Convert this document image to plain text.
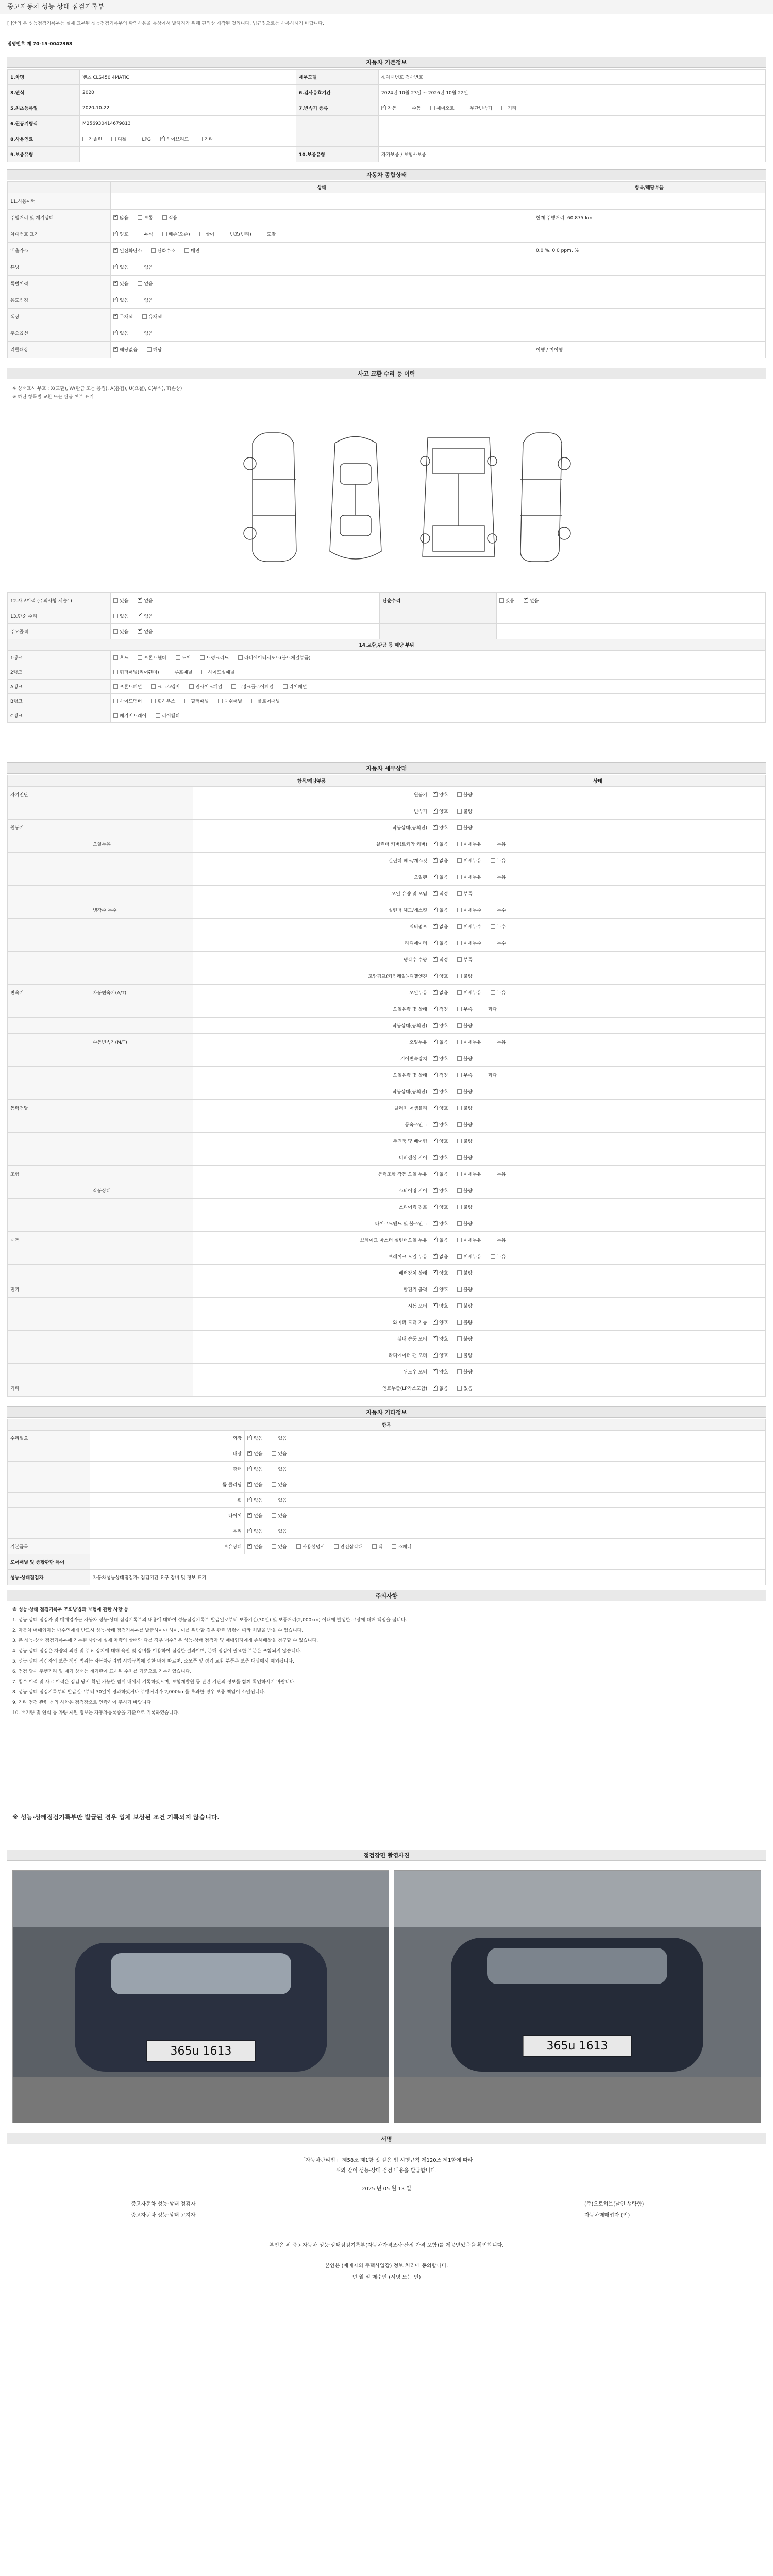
중고자동차 성능 상태 점검기록부
[ ]안의 본 성능점검기록부는 실제 교부된 성능점검기록부의 확인사용을 통상에서 발하지가 위해 편의상 제작된 것입니다. 법규정으로는 사용하시기 바랍니다.
점명번호 제 70-15-0042368
자동차 기본정보
1.차명	벤츠 CLS450 4MATIC	세부모델	4.차대번호 검사번호
3.연식	2020	6.검사유효기간	2024년 10월 23일 ~ 2026년 10월 22일
5.최초등록일	2020-10-22	7.변속기 종류	✓자동 수동 세미오토 무단변속기 기타
6.원동기형식	M256930414679813		
8.사용연료	가솔린 디젤 LPG ✓ 하이브리드 기타		
9.보증유형		10.보증유형	자가보증 / 보험사보증
자동차 종합상태
	상태	항목/해당부품
11.사용이력		
주행거리 및 계기상태	✓많음 보통 적음	현재 주행거리: 60,875 km
차대번호 표기	✓양호 부식 훼손(오손) 상이 변조(변타) 도말	
배출가스	✓일산화탄소 탄화수소 매연	0.0 %, 0.0 ppm, %
튜닝	✓있음 없음	
특별이력	✓있음 없음	
용도변경	✓있음 없음	
색상	✓무채색 유채색	
주요옵션	✓있음 없음	
리콜대상	✓해당없음 해당	이행 / 미이행
사고 교환 수리 등 이력
※ 상태표시 부호 : X(교환), W(판금 또는 용접), A(흠집), U(요철), C(부식), T(손상)
※ 하단 항목별 교환 또는 판금 여부 표기
12.사고이력 (주의사항 서술1)	있음 ✓ 없음	단순수리	있음 ✓ 없음
13.단순 수리	있음 ✓ 없음		
주요골격	있음 ✓ 없음		
14.교환,판금 등 해당 부위			
1랭크	후드 프론트휀더 도어 트렁크리드 라디에이터서포트(볼트체결부품)		
2랭크	쿼터패널(리어휀더) 루프패널 사이드실패널		
A랭크	프론트패널 크로스멤버 인사이드패널 트렁크플로어패널 리어패널		
B랭크	사이드멤버 휠하우스 필러패널 대쉬패널 플로어패널		
C랭크	패키지트레이 리어휀더		
자동차 세부상태
		항목/해당부품	상태
자기진단		원동기	✓양호 불량
		변속기	✓양호 불량
원동기		작동상태(공회전)	✓양호 불량
	오일누유	실린더 커버(로커암 커버)	✓없음 미세누유 누유
		실린더 헤드/개스킷	✓없음 미세누유 누유
		오일팬	✓없음 미세누유 누유
		오일 유량 및 오염	✓적정 부족
	냉각수 누수	실린더 헤드/개스킷	✓없음 미세누수 누수
		워터펌프	✓없음 미세누수 누수
		라디에이터	✓없음 미세누수 누수
		냉각수 수량	✓적정 부족
		고압펌프(커먼레일)-디젤엔진	✓양호 불량
변속기	자동변속기(A/T)	오일누유	✓없음 미세누유 누유
		오일유량 및 상태	✓적정 부족 과다
		작동상태(공회전)	✓양호 불량
	수동변속기(M/T)	오일누유	✓없음 미세누유 누유
		기어변속장치	✓양호 불량
		오일유량 및 상태	✓적정 부족 과다
		작동상태(공회전)	✓양호 불량
동력전달		클러치 어셈블리	✓양호 불량
		등속조인트	✓양호 불량
		추진축 및 베어링	✓양호 불량
		디퍼렌셜 기어	✓양호 불량
조향		동력조향 작동 오일 누유	✓없음 미세누유 누유
	작동상태	스티어링 기어	✓양호 불량
		스티어링 펌프	✓양호 불량
		타이로드엔드 및 볼조인트	✓양호 불량
제동		브레이크 마스터 실린더오일 누유	✓없음 미세누유 누유
		브레이크 오일 누유	✓없음 미세누유 누유
		배력장치 상태	✓양호 불량
전기		발전기 출력	✓양호 불량
		시동 모터	✓양호 불량
		와이퍼 모터 기능	✓양호 불량
		실내 송풍 모터	✓양호 불량
		라디에이터 팬 모터	✓양호 불량
		윈도우 모터	✓양호 불량
기타		연료누출(LP가스포함)	✓없음 있음
자동차 기타정보
항목		
수리필요	외장	✓없음 있음
	내장	✓없음 있음
	광택	✓없음 있음
	룸 클리닝	✓없음 있음
	휠	✓없음 있음
	타이어	✓없음 있음
	유리	✓없음 있음
기본품목	보유상태	✓없음 있음 사용설명서 안전삼각대 잭 스패너
도어패널 및 종합판단 특이		
성능·상태점검자	자동차성능상태점검자: 점검기간 요구 장비 및 정보 표기	
주의사항
※ 성능·상태 점검기록부 조회방법과 보험에 관한 사항 등
1. 성능·상태 점검자 및 매매업자는 자동차 성능·상태 점검기록부의 내용에 대하여 성능점검기록부 발급일로부터 보증기간(30일) 및 보증거리(2,000km) 이내에 발생한 고장에 대해 책임을 집니다.
2. 자동차 매매업자는 매수인에게 반드시 성능·상태 점검기록부를 발급하여야 하며, 이를 위반할 경우 관련 법령에 따라 처벌을 받을 수 있습니다.
3. 본 성능·상태 점검기록부에 기록된 사항이 실제 차량의 상태와 다를 경우 매수인은 성능·상태 점검자 및 매매업자에게 손해배상을 청구할 수 있습니다.
4. 성능·상태 점검은 차량의 외관 및 주요 장치에 대해 육안 및 장비를 이용하여 점검한 결과이며, 분해 점검이 필요한 부분은 포함되지 않습니다.
5. 성능·상태 점검자의 보증 책임 범위는 자동차관리법 시행규칙에 정한 바에 따르며, 소모품 및 정기 교환 부품은 보증 대상에서 제외됩니다.
6. 점검 당시 주행거리 및 계기 상태는 계기판에 표시된 수치를 기준으로 기록하였습니다.
7. 침수 이력 및 사고 이력은 점검 당시 확인 가능한 범위 내에서 기록하였으며, 보험개발원 등 관련 기관의 정보를 함께 확인하시기 바랍니다.
8. 성능·상태 점검기록부의 발급일로부터 30일이 경과하였거나 주행거리가 2,000km를 초과한 경우 보증 책임이 소멸됩니다.
9. 기타 점검 관련 문의 사항은 점검장으로 연락하여 주시기 바랍니다.
10. 배기량 및 연식 등 차량 제원 정보는 자동차등록증을 기준으로 기록하였습니다.
※ 성능·상태점검기록부만 발급된 경우 업체 보상된 조건 기록되지 않습니다.
점검장면 촬영사진
365u 1613	365u 1613
서명
「자동차관리법」 제58조 제1항 및 같은 법 시행규칙 제120조 제1항에 따라
위와 같이 성능·상태 점검 내용을 발급합니다.
2025 년 05 월 13 일
중고자동차 성능·상태 점검자	(주)오토허브(날인 생략함)
중고자동차 성능·상태 고지자	자동차매매업자 (인)
본인은 위 중고자동차 성능·상태점검기록부(자동차가격조사·산정 가격 포함)를 제공받았음을 확인합니다.
본인은 (매매자의 주택사업장) 정보 처리에 동의합니다.
년 월 일 매수인 (서명 또는 인)
